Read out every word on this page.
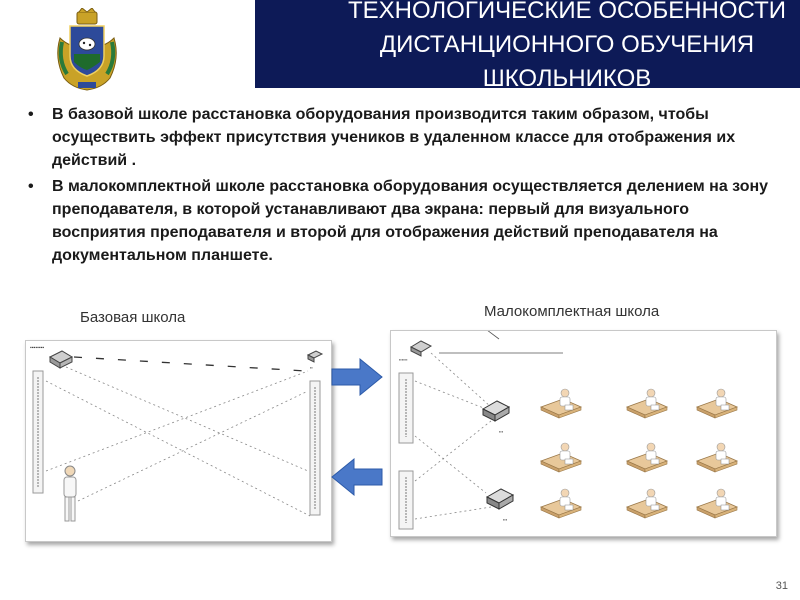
ТЕХНОЛОГИЧЕСКИЕ ОСОБЕННОСТИ
ДИСТАНЦИОННОГО ОБУЧЕНИЯ
ШКОЛЬНИКОВ
• В базовой школе расстановка оборудования производится таким образом, чтобы осуществить эффект присутствия учеников в удаленном классе для отображения их действий .
• В малокомплектной школе расстановка оборудования осуществляется делением на зону преподавателя, в которой устанавливают два экрана: первый для визуального восприятия преподавателя и второй для отображения действий преподавателя на документальном планшете.
Базовая школа	Малокомплектная школа
▪▪▪▪▪▪▪▪
▪▪
▪▪▪▪▪▪
▪▪▪
▪▪▪
31
